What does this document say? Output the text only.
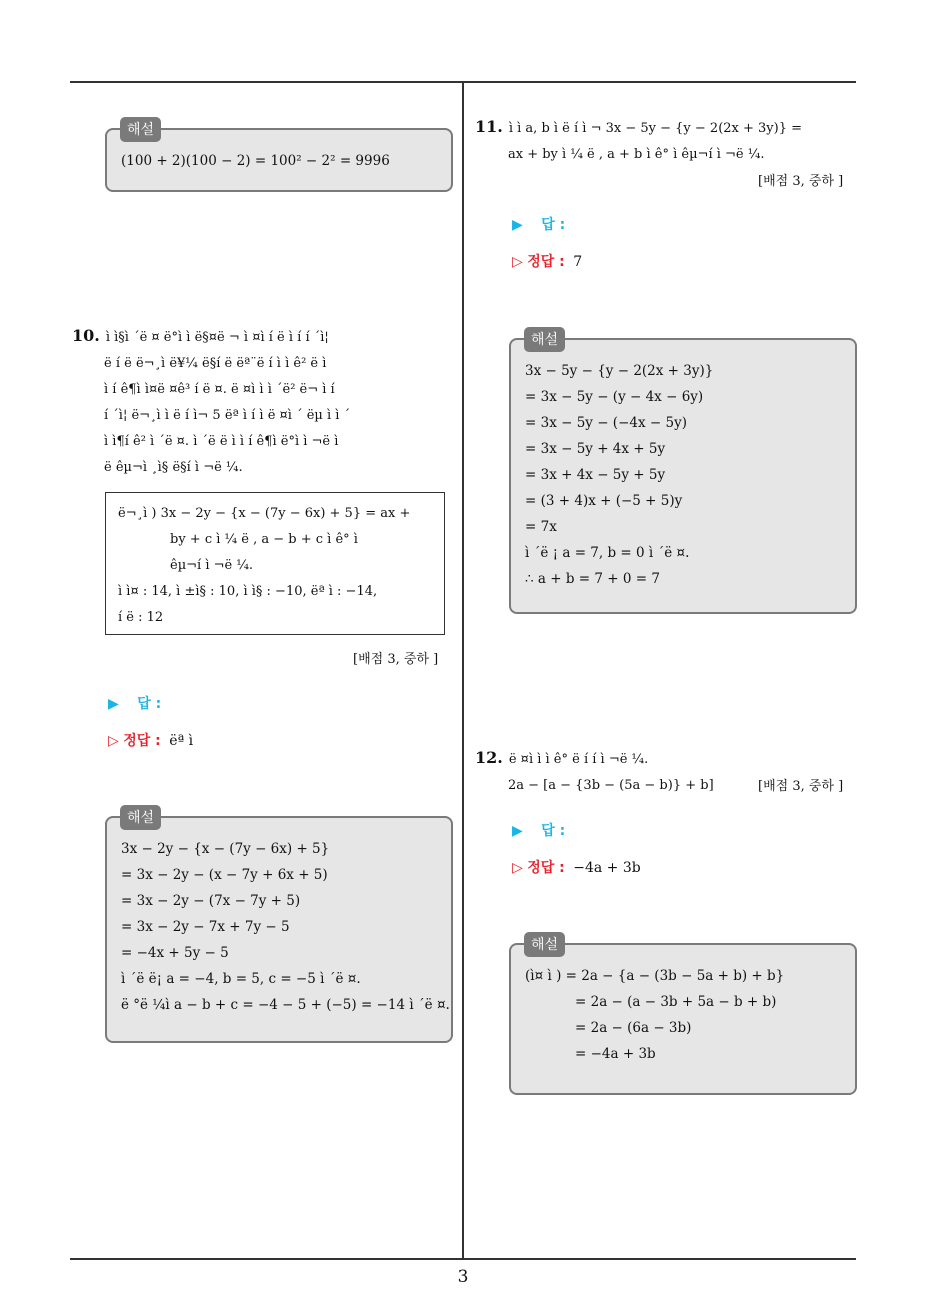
해설
(100 + 2)(100 − 2) = 100² − 2² = 9996
10. ì ì§ì ´ë ¤ ë°ì ì ë§¤ë ¬ ì ¤ì í ë ì í í ´ì¦
ë í ë ë¬¸ì ë¥¼ ë§í ë ëª¨ë í ì ì ê² ë ì
ì í ê¶ì ì¤ë ¤ê³ í ë ¤. ë ¤ì ì ì ´ë² ë¬ ì í
í ´ì¦ ë¬¸ì ì ë í ì¬ 5 ëª ì í ì ë ¤ì ´ ëµ ì ì ´
ì ì¶í ê² ì ´ë ¤. ì ´ë ë ì ì í ê¶ì ë°ì ì ¬ë ì
ë êµ¬ì ¸ì§ ë§í ì ¬ë ¼.
ë¬¸ì ) 3x − 2y − {x − (7y − 6x) + 5} = ax +
by + c ì ¼ ë , a − b + c ì ê° ì
êµ¬í ì ¬ë ¼.
ì ì¤ : 14, ì ±ì§ : 10, ì ì§ : −10, ëª ì : −14,
í ë : 12
[배점 3, 중하 ]
▶ 답 :
▷ 정답 : ëª ì
해설
3x − 2y − {x − (7y − 6x) + 5}
= 3x − 2y − (x − 7y + 6x + 5)
= 3x − 2y − (7x − 7y + 5)
= 3x − 2y − 7x + 7y − 5
= −4x + 5y − 5
ì ´ë ë¡ a = −4, b = 5, c = −5 ì ´ë ¤.
ë °ë ¼ì a − b + c = −4 − 5 + (−5) = −14 ì ´ë ¤.
11. ì ì a, b ì ë í ì ¬ 3x − 5y − {y − 2(2x + 3y)} =
ax + by ì ¼ ë , a + b ì ê° ì êµ¬í ì ¬ë ¼.
[배점 3, 중하 ]
▶ 답 :
▷ 정답 : 7
해설
3x − 5y − {y − 2(2x + 3y)}
= 3x − 5y − (y − 4x − 6y)
= 3x − 5y − (−4x − 5y)
= 3x − 5y + 4x + 5y
= 3x + 4x − 5y + 5y
= (3 + 4)x + (−5 + 5)y
= 7x
ì ´ë ¡ a = 7, b = 0 ì ´ë ¤.
∴ a + b = 7 + 0 = 7
12. ë ¤ì ì ì ê° ë í í ì ¬ë ¼.
2a − [a − {3b − (5a − b)} + b]	[배점 3, 중하 ]
▶ 답 :
▷ 정답 : −4a + 3b
해설
(ì¤ ì ) = 2a − {a − (3b − 5a + b) + b}
= 2a − (a − 3b + 5a − b + b)
= 2a − (6a − 3b)
= −4a + 3b
3
